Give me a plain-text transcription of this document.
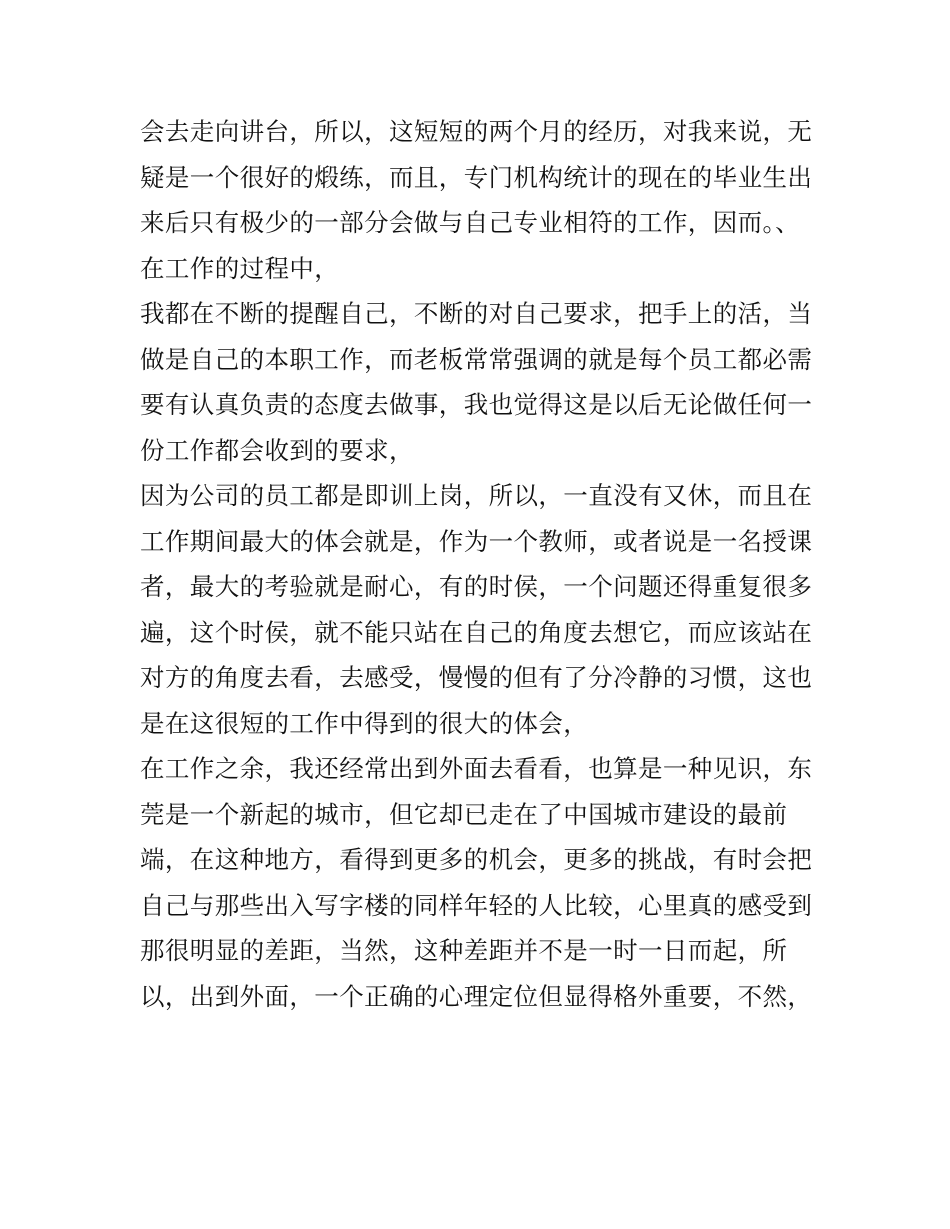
会去走向讲台，所以，这短短的两个月的经历，对我来说，无
疑是一个很好的煅练，而且，专门机构统计的现在的毕业生出
来后只有极少的一部分会做与自己专业相符的工作，因而。、
在工作的过程中，
我都在不断的提醒自己，不断的对自己要求，把手上的活，当
做是自己的本职工作，而老板常常强调的就是每个员工都必需
要有认真负责的态度去做事，我也觉得这是以后无论做任何一
份工作都会收到的要求，
因为公司的员工都是即训上岗，所以，一直没有又休，而且在
工作期间最大的体会就是，作为一个教师，或者说是一名授课
者，最大的考验就是耐心，有的时侯，一个问题还得重复很多
遍，这个时侯，就不能只站在自己的角度去想它，而应该站在
对方的角度去看，去感受，慢慢的但有了分冷静的习惯，这也
是在这很短的工作中得到的很大的体会，
在工作之余，我还经常出到外面去看看，也算是一种见识，东
莞是一个新起的城市，但它却已走在了中国城市建设的最前
端，在这种地方，看得到更多的机会，更多的挑战，有时会把
自己与那些出入写字楼的同样年轻的人比较，心里真的感受到
那很明显的差距，当然，这种差距并不是一时一日而起，所
以，出到外面，一个正确的心理定位但显得格外重要，不然，
